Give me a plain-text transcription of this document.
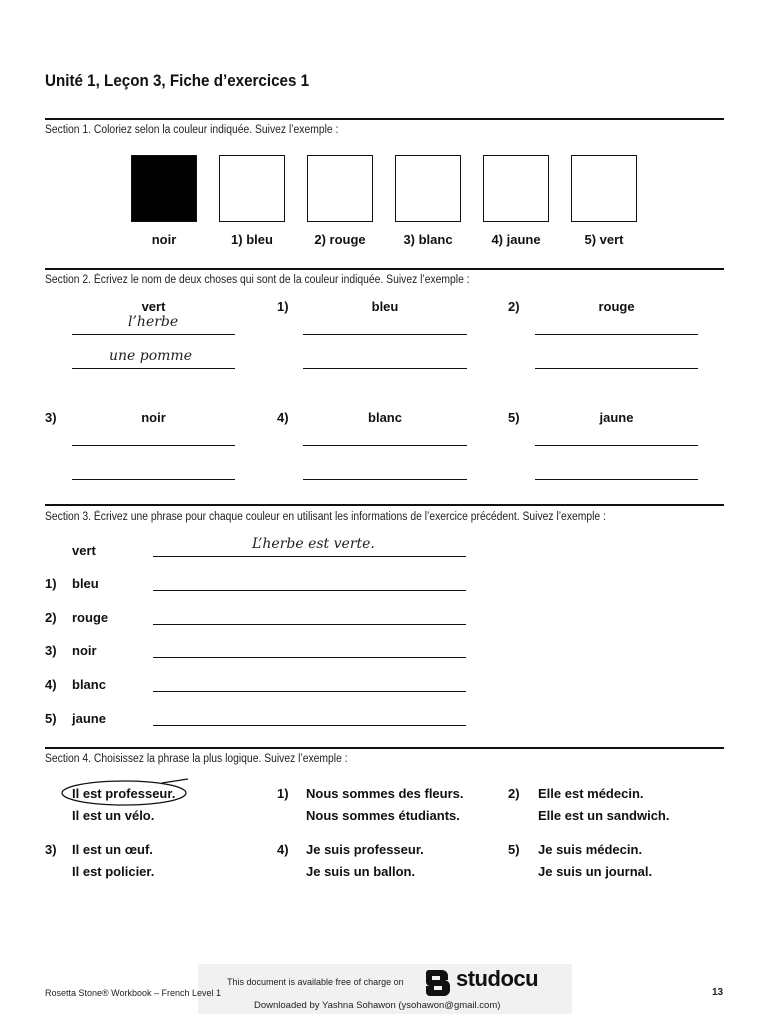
Unité 1, Leçon 3, Fiche d’exercices 1
Section 1. Coloriez selon la couleur indiquée. Suivez l’exemple :
noir	1) bleu	2) rouge	3) blanc	4) jaune	5) vert
Section 2. Écrivez le nom de deux choses qui sont de la couleur indiquée. Suivez l’exemple :
vert
l’herbe
une pomme
1)	bleu	2)	rouge
3)	noir	4)	blanc	5)	jaune
Section 3. Écrivez une phrase pour chaque couleur en utilisant les informations de l’exercice précédent. Suivez l’exemple :
vert	L’herbe est verte.
1) bleu
2) rouge
3) noir
4) blanc
5) jaune
Section 4. Choisissez la phrase la plus logique. Suivez l’exemple :
Il est professeur.
Il est un vélo.
1) Nous sommes des fleurs.
Nous sommes étudiants.
2) Elle est médecin.
Elle est un sandwich.
3) Il est un œuf.
Il est policier.
4) Je suis professeur.
Je suis un ballon.
5) Je suis médecin.
Je suis un journal.
This document is available free of charge on studocu
Downloaded by Yashna Sohawon (ysohawon@gmail.com)
Rosetta Stone® Workbook – French Level 1	13
